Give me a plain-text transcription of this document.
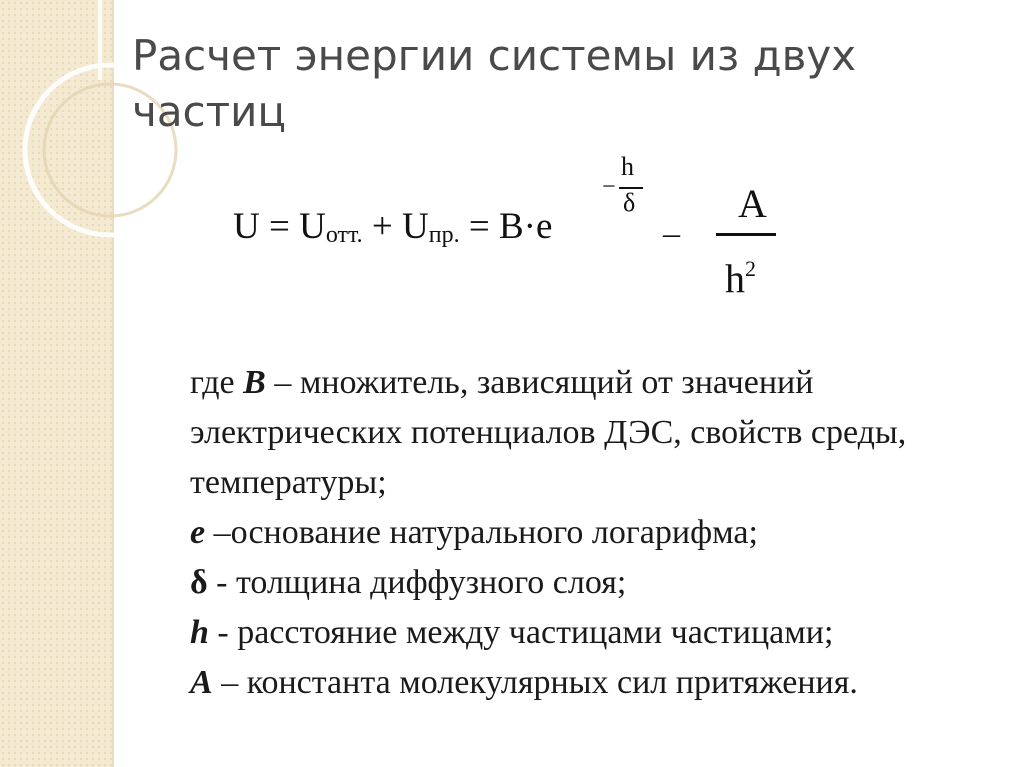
Расчет энергии системы из двух частиц
$U = U_{отт.} + U_{пр.} = B\cdot e$
−
h
δ
–
A
$h^2$

где B – множитель, зависящий от значений электрических потенциалов ДЭС, свойств среды, температуры;

e –основание натурального логарифма;

δ - толщина диффузного слоя;

h - расстояние между частицами частицами;

A – константа молекулярных сил притяжения.
